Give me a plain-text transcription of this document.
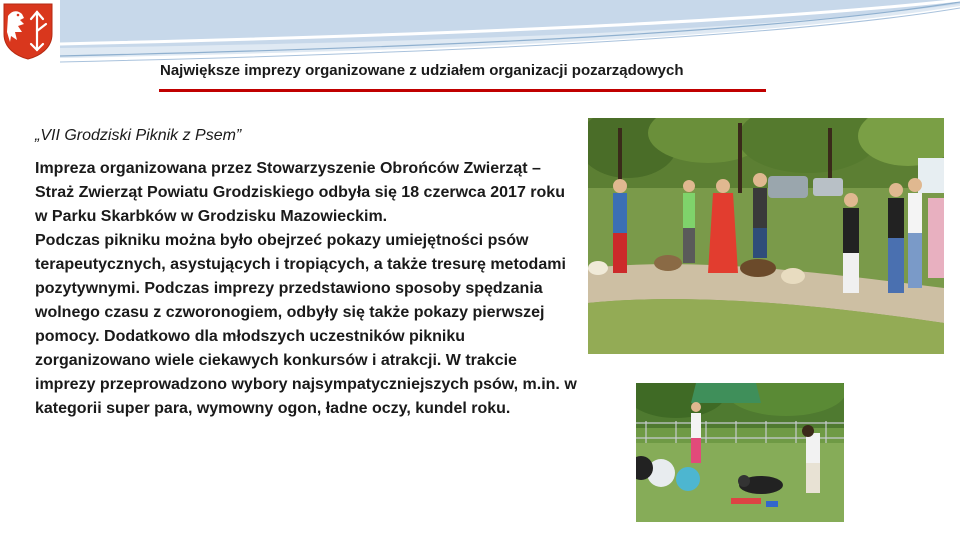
Największe imprezy organizowane z udziałem organizacji pozarządowych
„VII Grodziski Piknik z Psem”

Impreza organizowana przez Stowarzyszenie Obrońców Zwierząt – Straż Zwierząt Powiatu Grodziskiego odbyła się 18 czerwca 2017 roku w Parku Skarbków w Grodzisku Mazowieckim.

Podczas pikniku można było obejrzeć pokazy umiejętności psów terapeutycznych, asystujących i tropiących, a także tresurę metodami pozytywnymi. Podczas imprezy przedstawiono sposoby spędzania wolnego czasu z czworonogiem, odbyły się także pokazy pierwszej pomocy. Dodatkowo dla młodszych uczestników pikniku zorganizowano wiele ciekawych konkursów i atrakcji. W trakcie imprezy przeprowadzono wybory najsympatyczniejszych psów, m.in. w kategorii super para, wymowny ogon, ładne oczy, kundel roku.
